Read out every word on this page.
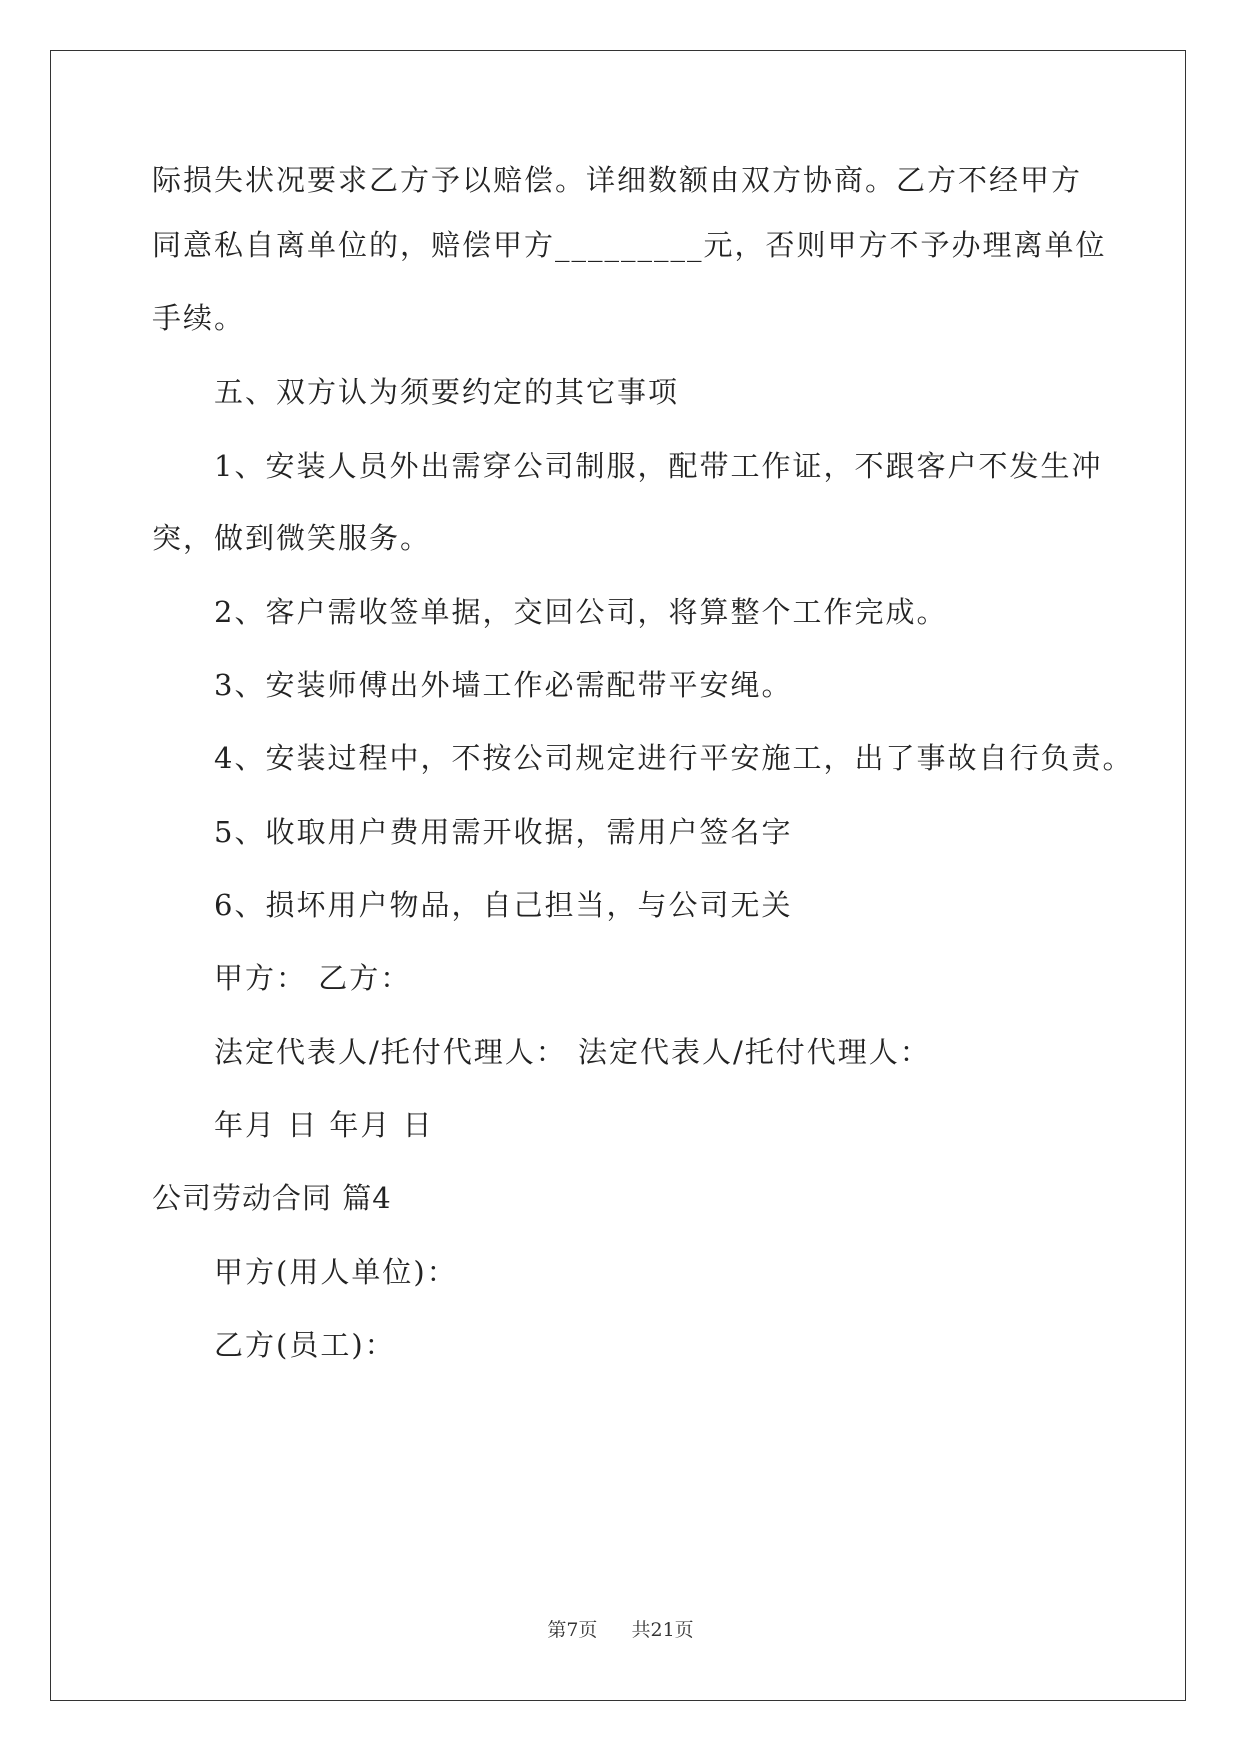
际损失状况要求乙方予以赔偿。详细数额由双方协商。乙方不经甲方
同意私自离单位的，赔偿甲方_________元，否则甲方不予办理离单位
手续。
五、双方认为须要约定的其它事项
1、安装人员外出需穿公司制服，配带工作证，不跟客户不发生冲
突，做到微笑服务。
2、客户需收签单据，交回公司，将算整个工作完成。
3、安装师傅出外墙工作必需配带平安绳。
4、安装过程中，不按公司规定进行平安施工，出了事故自行负责。
5、收取用户费用需开收据，需用户签名字
6、损坏用户物品，自己担当，与公司无关
甲方： 乙方：
法定代表人/托付代理人： 法定代表人/托付代理人：
年月 日 年月 日
公司劳动合同 篇4
甲方(用人单位)：
乙方(员工)：
第7页 共21页
